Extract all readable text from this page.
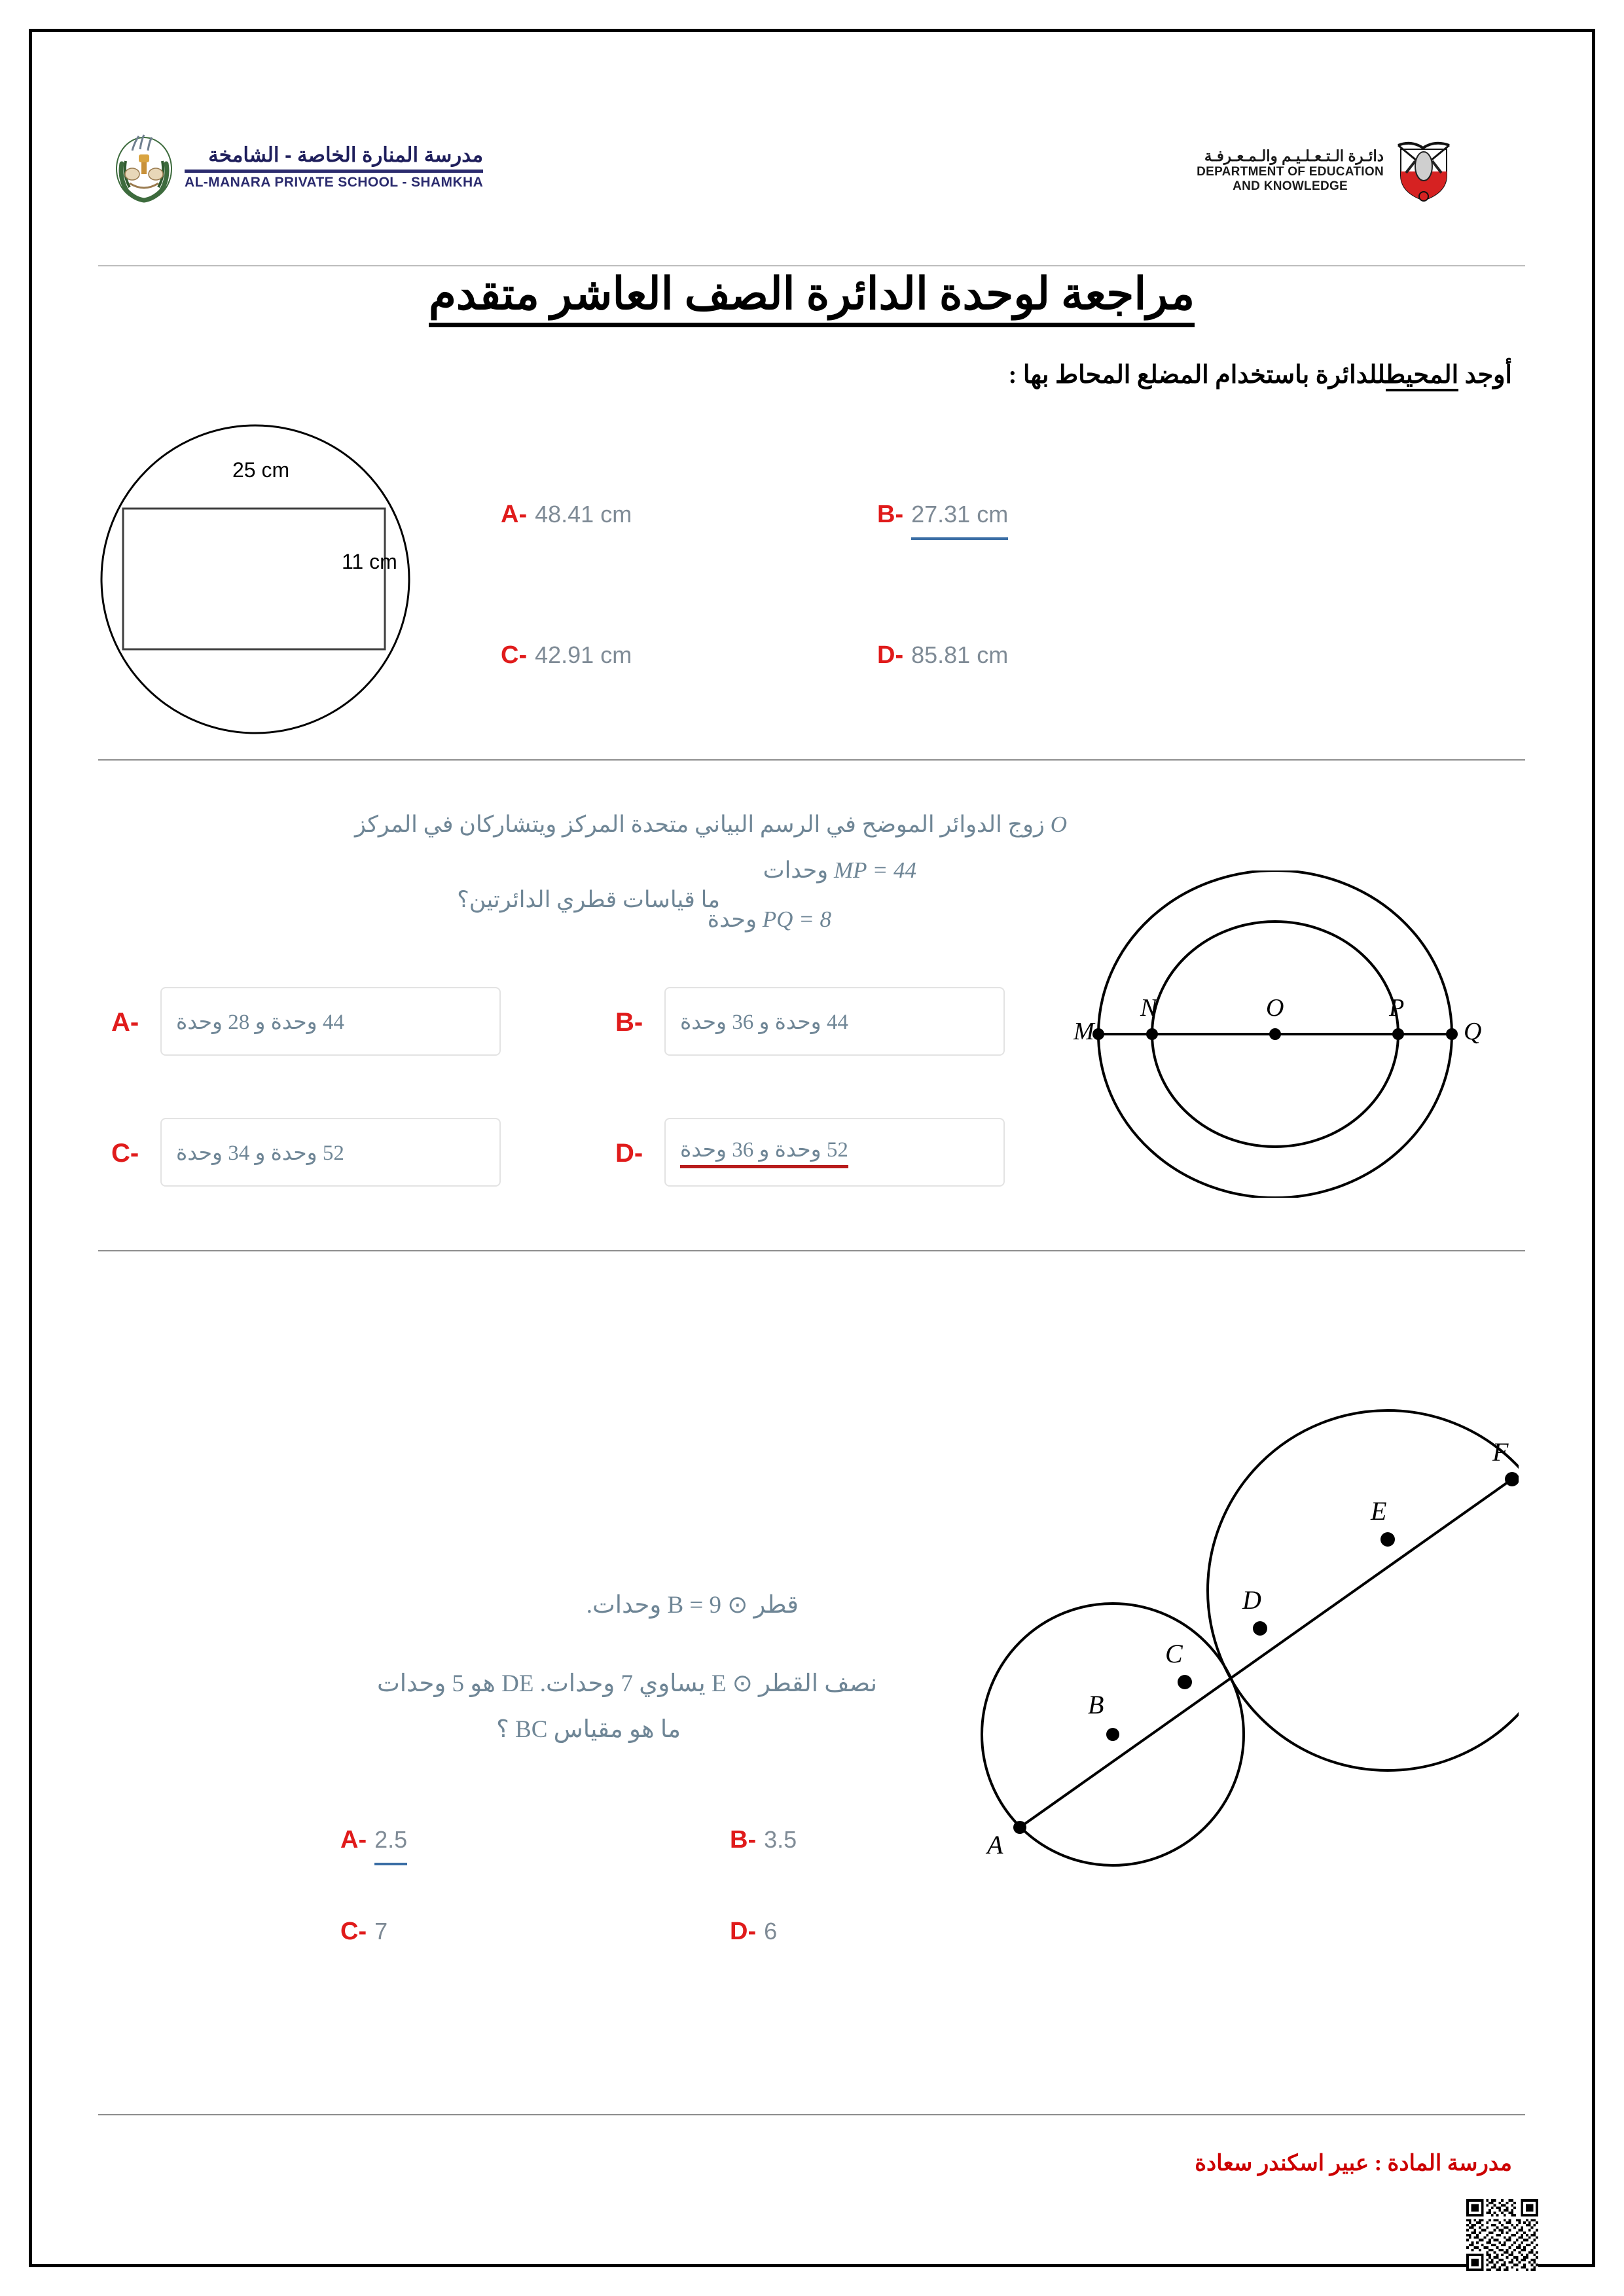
مدرسة المنارة الخاصة - الشامخة
AL-MANARA PRIVATE SCHOOL - SHAMKHA
دائـرة الـتـعـلـيـم والـمـعـرفـة
DEPARTMENT OF EDUCATION
AND KNOWLEDGE
مراجعة لوحدة الدائرة الصف العاشر متقدم
أوجد المحيطللدائرة باستخدام المضلع المحاط بها :
25 cm
11 cm
A- 48.41 cm	B- 27.31 cm
C- 42.91 cm	D- 85.81 cm
O زوج الدوائر الموضح في الرسم البياني متحدة المركز ويتشاركان في المركز
MP = 44 وحدات
PQ = 8 وحدة
ما قياسات قطري الدائرتين؟
M
N	O	P
Q
A- 44 وحدة و 28 وحدة	B- 44 وحدة و 36 وحدة
C- 52 وحدة و 34 وحدة	D- 52 وحدة و 36 وحدة
قطر ⊙ B = 9 وحدات.
نصف القطر ⊙ E يساوي 7 وحدات. DE هو 5 وحدات
ما هو مقياس BC ؟
A
B
C
D
E
F
A- 2.5	B- 3.5
C- 7	D- 6
مدرسة المادة : عبير اسكندر سعادة
